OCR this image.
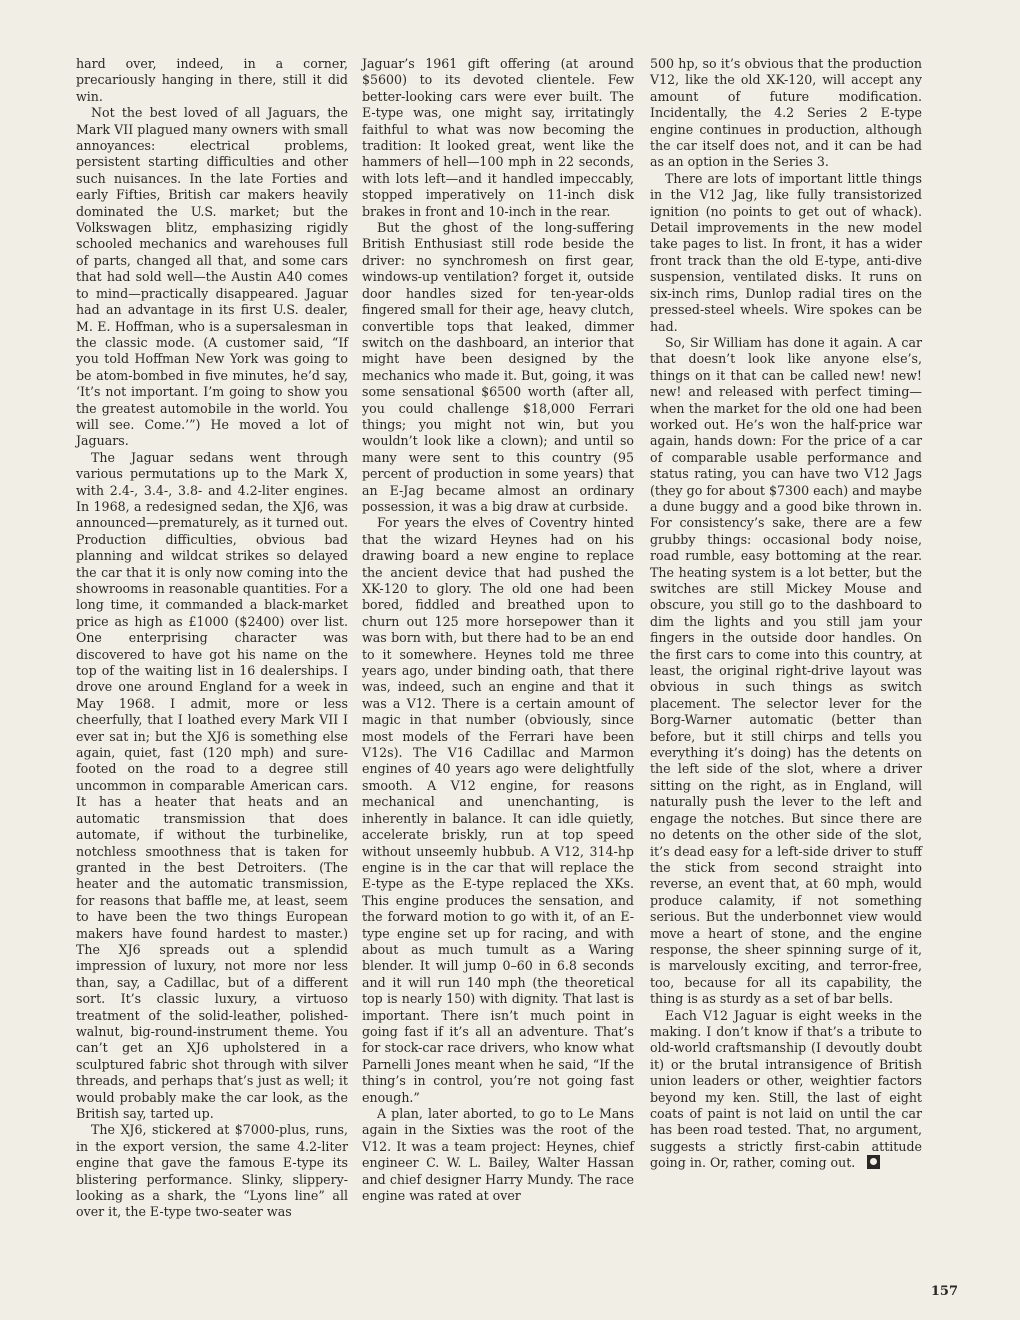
hard over, indeed, in a corner, precariously hanging in there, still it did win.

Not the best loved of all Jaguars, the Mark VII plagued many owners with small annoyances: electrical problems, persistent starting difficulties and other such nuisances. In the late Forties and early Fifties, British car makers heavily dominated the U.S. market; but the Volkswagen blitz, emphasizing rigidly schooled mechanics and warehouses full of parts, changed all that, and some cars that had sold well—the Austin A40 comes to mind—practically disappeared. Jaguar had an advantage in its first U.S. dealer, M. E. Hoffman, who is a supersalesman in the classic mode. (A customer said, “If you told Hoffman New York was going to be atom-bombed in five minutes, he’d say, ‘It’s not important. I’m going to show you the greatest automobile in the world. You will see. Come.’”) He moved a lot of Jaguars.

The Jaguar sedans went through various permutations up to the Mark X, with 2.4-, 3.4-, 3.8- and 4.2-liter engines. In 1968, a redesigned sedan, the XJ6, was announced—prematurely, as it turned out. Production difficulties, obvious bad planning and wildcat strikes so delayed the car that it is only now coming into the showrooms in reasonable quantities. For a long time, it commanded a black-market price as high as £1000 ($2400) over list. One enterprising character was discovered to have got his name on the top of the waiting list in 16 dealerships. I drove one around England for a week in May 1968. I admit, more or less cheerfully, that I loathed every Mark VII I ever sat in; but the XJ6 is something else again, quiet, fast (120 mph) and sure-footed on the road to a degree still uncommon in comparable American cars. It has a heater that heats and an automatic transmission that does automate, if without the turbinelike, notchless smoothness that is taken for granted in the best Detroiters. (The heater and the automatic transmission, for reasons that baffle me, at least, seem to have been the two things European makers have found hardest to master.) The XJ6 spreads out a splendid impression of luxury, not more nor less than, say, a Cadillac, but of a different sort. It’s classic luxury, a virtuoso treatment of the solid-leather, polished-walnut, big-round-instrument theme. You can’t get an XJ6 upholstered in a sculptured fabric shot through with silver threads, and perhaps that’s just as well; it would probably make the car look, as the British say, tarted up.

The XJ6, stickered at $7000-plus, runs, in the export version, the same 4.2-liter engine that gave the famous E-type its blistering performance. Slinky, slippery-looking as a shark, the “Lyons line” all over it, the E-type two-seater was

Jaguar’s 1961 gift offering (at around $5600) to its devoted clientele. Few better-looking cars were ever built. The E-type was, one might say, irritatingly faithful to what was now becoming the tradition: It looked great, went like the hammers of hell—100 mph in 22 seconds, with lots left—and it handled impeccably, stopped imperatively on 11-inch disk brakes in front and 10-inch in the rear.

But the ghost of the long-suffering British Enthusiast still rode beside the driver: no synchromesh on first gear, windows-up ventilation? forget it, outside door handles sized for ten-year-olds fingered small for their age, heavy clutch, convertible tops that leaked, dimmer switch on the dashboard, an interior that might have been designed by the mechanics who made it. But, going, it was some sensational $6500 worth (after all, you could challenge $18,000 Ferrari things; you might not win, but you wouldn’t look like a clown); and until so many were sent to this country (95 percent of production in some years) that an E-Jag became almost an ordinary possession, it was a big draw at curbside.

For years the elves of Coventry hinted that the wizard Heynes had on his drawing board a new engine to replace the ancient device that had pushed the XK-120 to glory. The old one had been bored, fiddled and breathed upon to churn out 125 more horsepower than it was born with, but there had to be an end to it somewhere. Heynes told me three years ago, under binding oath, that there was, indeed, such an engine and that it was a V12. There is a certain amount of magic in that number (obviously, since most models of the Ferrari have been V12s). The V16 Cadillac and Marmon engines of 40 years ago were delightfully smooth. A V12 engine, for reasons mechanical and unenchanting, is inherently in balance. It can idle quietly, accelerate briskly, run at top speed without unseemly hubbub. A V12, 314-hp engine is in the car that will replace the E-type as the E-type replaced the XKs. This engine produces the sensation, and the forward motion to go with it, of an E-type engine set up for racing, and with about as much tumult as a Waring blender. It will jump 0–60 in 6.8 seconds and it will run 140 mph (the theoretical top is nearly 150) with dignity. That last is important. There isn’t much point in going fast if it’s all an adventure. That’s for stock-car race drivers, who know what Parnelli Jones meant when he said, “If the thing’s in control, you’re not going fast enough.”

A plan, later aborted, to go to Le Mans again in the Sixties was the root of the V12. It was a team project: Heynes, chief engineer C. W. L. Bailey, Walter Hassan and chief designer Harry Mundy. The race engine was rated at over

500 hp, so it’s obvious that the production V12, like the old XK-120, will accept any amount of future modification. Incidentally, the 4.2 Series 2 E-type engine continues in production, although the car itself does not, and it can be had as an option in the Series 3.

There are lots of important little things in the V12 Jag, like fully transistorized ignition (no points to get out of whack). Detail improvements in the new model take pages to list. In front, it has a wider front track than the old E-type, anti-dive suspension, ventilated disks. It runs on six-inch rims, Dunlop radial tires on the pressed-steel wheels. Wire spokes can be had.

So, Sir William has done it again. A car that doesn’t look like anyone else’s, things on it that can be called new! new! new! and released with perfect timing—when the market for the old one had been worked out. He’s won the half-price war again, hands down: For the price of a car of comparable usable performance and status rating, you can have two V12 Jags (they go for about $7300 each) and maybe a dune buggy and a good bike thrown in. For consistency’s sake, there are a few grubby things: occasional body noise, road rumble, easy bottoming at the rear. The heating system is a lot better, but the switches are still Mickey Mouse and obscure, you still go to the dashboard to dim the lights and you still jam your fingers in the outside door handles. On the first cars to come into this country, at least, the original right-drive layout was obvious in such things as switch placement. The selector lever for the Borg-Warner automatic (better than before, but it still chirps and tells you everything it’s doing) has the detents on the left side of the slot, where a driver sitting on the right, as in England, will naturally push the lever to the left and engage the notches. But since there are no detents on the other side of the slot, it’s dead easy for a left-side driver to stuff the stick from second straight into reverse, an event that, at 60 mph, would produce calamity, if not something serious. But the underbonnet view would move a heart of stone, and the engine response, the sheer spinning surge of it, is marvelously exciting, and terror-free, too, because for all its capability, the thing is as sturdy as a set of bar bells.

Each V12 Jaguar is eight weeks in the making. I don’t know if that’s a tribute to old-world craftsmanship (I devoutly doubt it) or the brutal intransigence of British union leaders or other, weightier factors beyond my ken. Still, the last of eight coats of paint is not laid on until the car has been road tested. That, no argument, suggests a strictly first-cabin attitude going in. Or, rather, coming out.

157
